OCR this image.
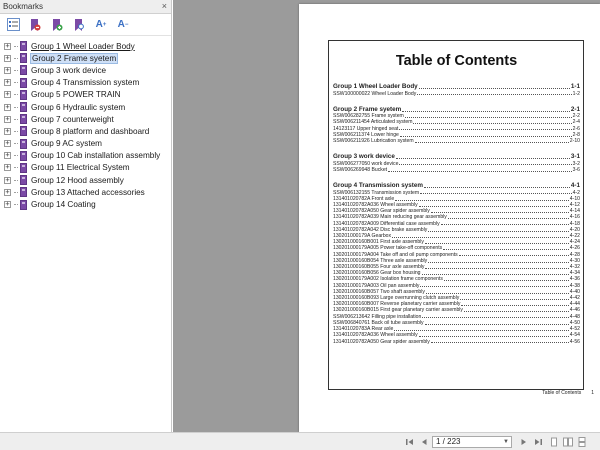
Bookmarks	×
A + A −
+	Group 1 Wheel Loader Body
+	Group 2 Frame syetem
+	Group 3 work device
+	Group 4 Transmission system
+	Group 5 POWER TRAIN
+	Group 6 Hydraulic system
+	Group 7 counterweight
+	Group 8 platform and dashboard
+	Group 9 AC system
+	Group 10 Cab installation assembly
+	Group 11 Electrical System
+	Group 12 Hood assembly
+	Group 13 Attached accessories
+	Group 14 Coating
Table of Contents
Group 1 Wheel Loader Body	1-1
SSW100000022 Wheel Loader Body	1-2
Group 2 Frame syetem	2-1
SSW006282755 Frame system	2-2
SSW006211454 Articulated system	2-4
14123117 Upper hinged seat	2-6
SSW006211374 Lower hinge	2-8
SSW006211926 Lubrication system	2-10
Group 3 work device	3-1
SSW006277050 work device	3-2
SSW006269948 Bucket	3-6
Group 4 Transmission system	4-1
SSW006132155 Transmission system	4-2
131401020782A Front axle	4-10
131401020782A036 Wheel assembly	4-12
131401020782A050 Gear spider assembly	4-14
131401020782A039 Main reducing gear assembly	4-16
131401020782A009 Differential case assembly	4-18
131401020782A042 Disc brake assembly	4-20
130201000179A Gearbox	4-22
130201000160B001 First axle assembly	4-24
130201000179A005 Power take-off components	4-26
130201000179A004 Take off and oil pump components	4-28
130201000160B054 Three axle assembly	4-30
130201000160B055 Four axle assembly	4-32
130201000160B056 Gear box housing	4-34
130201000179A002 Isolation frame components	4-36
130201000179A003 Oil pan assembly	4-38
130201000160B057 Two shaft assembly	4-40
130201000160B093 Large overrunning clutch assembly	4-42
130201000160B007 Reverse planetary carrier assembly	4-44
130201000160B015 First gear planetary carrier assembly	4-46
SSW006213642 Filling pipe installation	4-48
SSW006840761 Back oil tube assembly	4-50
131401020783A Rear axle	4-52
131401020782A036 Wheel assembly	4-54
131401020782A050 Gear spider assembly	4-56
Table of Contents 1
1 / 223	▼
